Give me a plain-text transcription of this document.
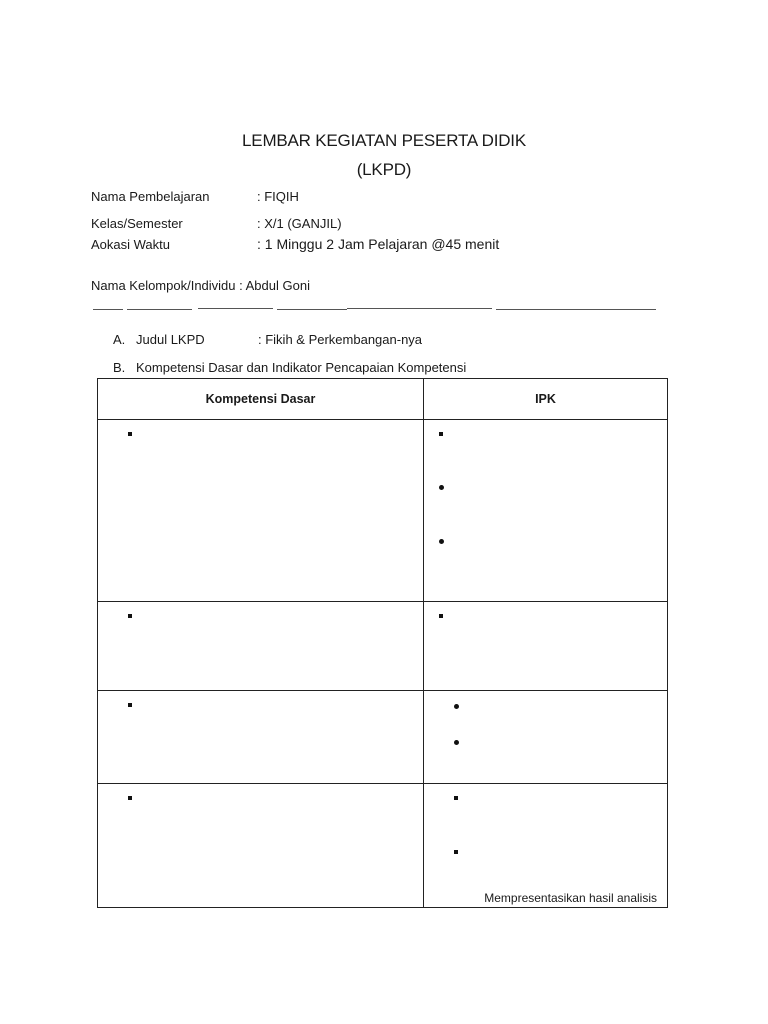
LEMBAR KEGIATAN PESERTA DIDIK
(LKPD)
Nama Pembelajaran	: FIQIH
Kelas/Semester	: X/1 (GANJIL)
Aokasi Waktu	: 1 Minggu 2 Jam Pelajaran @45 menit
Nama Kelompok/Individu : Abdul Goni
A. Judul LKPD	: Fikih & Perkembangan-nya
B. Kompetensi Dasar dan Indikator Pencapaian Kompetensi
Kompetensi Dasar	IPK

	Mempresentasikan hasil analisis
